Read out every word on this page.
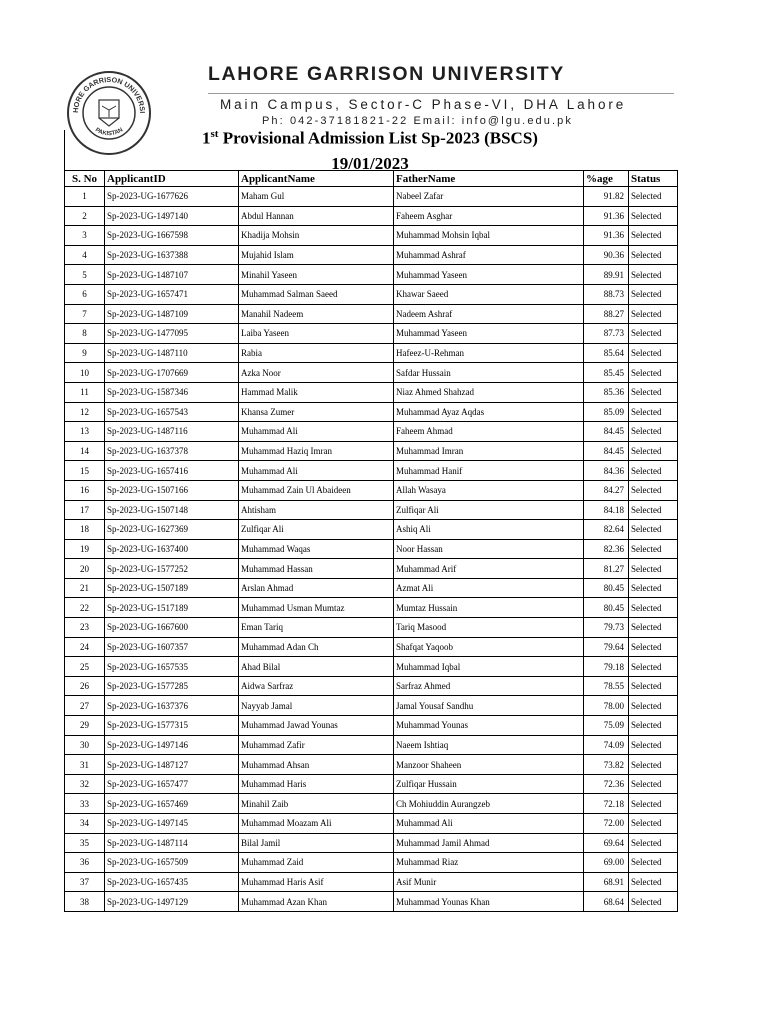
HORE GARRISON UNIVERSI
PAKISTAN
LAHORE GARRISON UNIVERSITY
Main Campus, Sector-C Phase-VI, DHA Lahore
Ph: 042-37181821-22 Email: info@lgu.edu.pk
1st Provisional Admission List Sp-2023 (BSCS)
19/01/2023
S. No	ApplicantID	ApplicantName	FatherName	%age	Status
1	Sp-2023-UG-1677626	Maham Gul	Nabeel Zafar	91.82	Selected
2	Sp-2023-UG-1497140	Abdul Hannan	Faheem Asghar	91.36	Selected
3	Sp-2023-UG-1667598	Khadija Mohsin	Muhammad Mohsin Iqbal	91.36	Selected
4	Sp-2023-UG-1637388	Mujahid Islam	Muhammad Ashraf	90.36	Selected
5	Sp-2023-UG-1487107	Minahil Yaseen	Muhammad Yaseen	89.91	Selected
6	Sp-2023-UG-1657471	Muhammad Salman Saeed	Khawar Saeed	88.73	Selected
7	Sp-2023-UG-1487109	Manahil Nadeem	Nadeem Ashraf	88.27	Selected
8	Sp-2023-UG-1477095	Laiba Yaseen	Muhammad Yaseen	87.73	Selected
9	Sp-2023-UG-1487110	Rabia	Hafeez-U-Rehman	85.64	Selected
10	Sp-2023-UG-1707669	Azka Noor	Safdar Hussain	85.45	Selected
11	Sp-2023-UG-1587346	Hammad Malik	Niaz Ahmed Shahzad	85.36	Selected
12	Sp-2023-UG-1657543	Khansa Zumer	Muhammad Ayaz Aqdas	85.09	Selected
13	Sp-2023-UG-1487116	Muhammad Ali	Faheem Ahmad	84.45	Selected
14	Sp-2023-UG-1637378	Muhammad Haziq Imran	Muhammad Imran	84.45	Selected
15	Sp-2023-UG-1657416	Muhammad Ali	Muhammad Hanif	84.36	Selected
16	Sp-2023-UG-1507166	Muhammad Zain Ul Abaideen	Allah Wasaya	84.27	Selected
17	Sp-2023-UG-1507148	Ahtisham	Zulfiqar Ali	84.18	Selected
18	Sp-2023-UG-1627369	Zulfiqar Ali	Ashiq Ali	82.64	Selected
19	Sp-2023-UG-1637400	Muhammad Waqas	Noor Hassan	82.36	Selected
20	Sp-2023-UG-1577252	Muhammad Hassan	Muhammad Arif	81.27	Selected
21	Sp-2023-UG-1507189	Arslan Ahmad	Azmat Ali	80.45	Selected
22	Sp-2023-UG-1517189	Muhammad Usman Mumtaz	Mumtaz Hussain	80.45	Selected
23	Sp-2023-UG-1667600	Eman Tariq	Tariq Masood	79.73	Selected
24	Sp-2023-UG-1607357	Muhammad Adan Ch	Shafqat Yaqoob	79.64	Selected
25	Sp-2023-UG-1657535	Ahad Bilal	Muhammad Iqbal	79.18	Selected
26	Sp-2023-UG-1577285	Aidwa Sarfraz	Sarfraz Ahmed	78.55	Selected
27	Sp-2023-UG-1637376	Nayyab Jamal	Jamal Yousaf Sandhu	78.00	Selected
29	Sp-2023-UG-1577315	Muhammad Jawad Younas	Muhammad Younas	75.09	Selected
30	Sp-2023-UG-1497146	Muhammad Zafir	Naeem Ishtiaq	74.09	Selected
31	Sp-2023-UG-1487127	Muhammad Ahsan	Manzoor Shaheen	73.82	Selected
32	Sp-2023-UG-1657477	Muhammad Haris	Zulfiqar Hussain	72.36	Selected
33	Sp-2023-UG-1657469	Minahil Zaib	Ch Mohiuddin Aurangzeb	72.18	Selected
34	Sp-2023-UG-1497145	Muhammad Moazam Ali	Muhammad Ali	72.00	Selected
35	Sp-2023-UG-1487114	Bilal Jamil	Muhammad Jamil Ahmad	69.64	Selected
36	Sp-2023-UG-1657509	Muhammad Zaid	Muhammad Riaz	69.00	Selected
37	Sp-2023-UG-1657435	Muhammad Haris Asif	Asif Munir	68.91	Selected
38	Sp-2023-UG-1497129	Muhammad Azan Khan	Muhammad Younas Khan	68.64	Selected
